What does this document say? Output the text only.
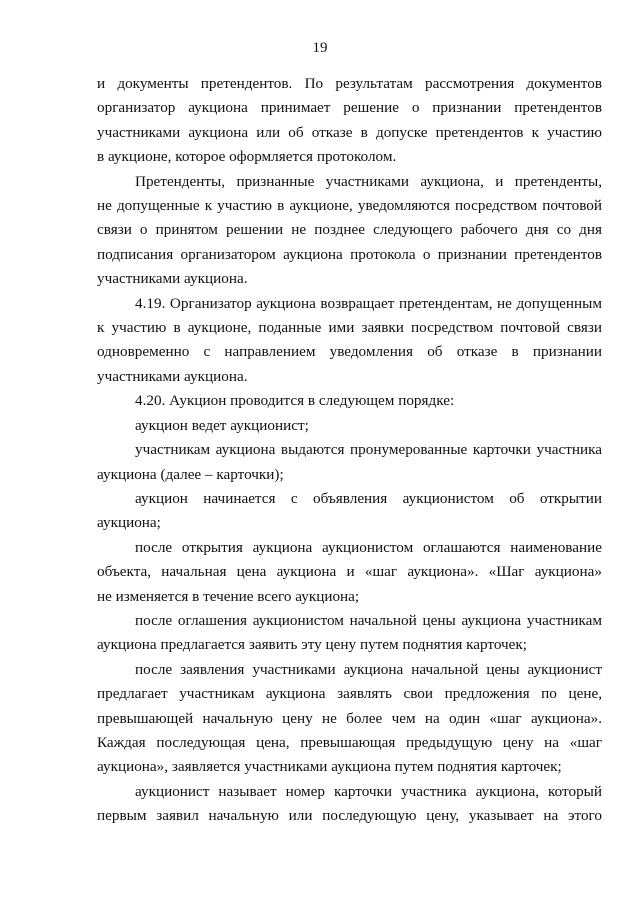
19
и документы претендентов. По результатам рассмотрения документов
организатор аукциона принимает решение о признании претендентов
участниками аукциона или об отказе в допуске претендентов к участию
в аукционе, которое оформляется протоколом.
Претенденты, признанные участниками аукциона, и претенденты,
не допущенные к участию в аукционе, уведомляются посредством почтовой
связи о принятом решении не позднее следующего рабочего дня со дня
подписания организатором аукциона протокола о признании претендентов
участниками аукциона.
4.19. Организатор аукциона возвращает претендентам, не допущенным
к участию в аукционе, поданные ими заявки посредством почтовой связи
одновременно с направлением уведомления об отказе в признании
участниками аукциона.
4.20. Аукцион проводится в следующем порядке:
аукцион ведет аукционист;
участникам аукциона выдаются пронумерованные карточки участника
аукциона (далее – карточки);
аукцион начинается с объявления аукционистом об открытии
аукциона;
после открытия аукциона аукционистом оглашаются наименование
объекта, начальная цена аукциона и «шаг аукциона». «Шаг аукциона»
не изменяется в течение всего аукциона;
после оглашения аукционистом начальной цены аукциона участникам
аукциона предлагается заявить эту цену путем поднятия карточек;
после заявления участниками аукциона начальной цены аукционист
предлагает участникам аукциона заявлять свои предложения по цене,
превышающей начальную цену не более чем на один «шаг аукциона».
Каждая последующая цена, превышающая предыдущую цену на «шаг
аукциона», заявляется участниками аукциона путем поднятия карточек;
аукционист называет номер карточки участника аукциона, который
первым заявил начальную или последующую цену, указывает на этого
